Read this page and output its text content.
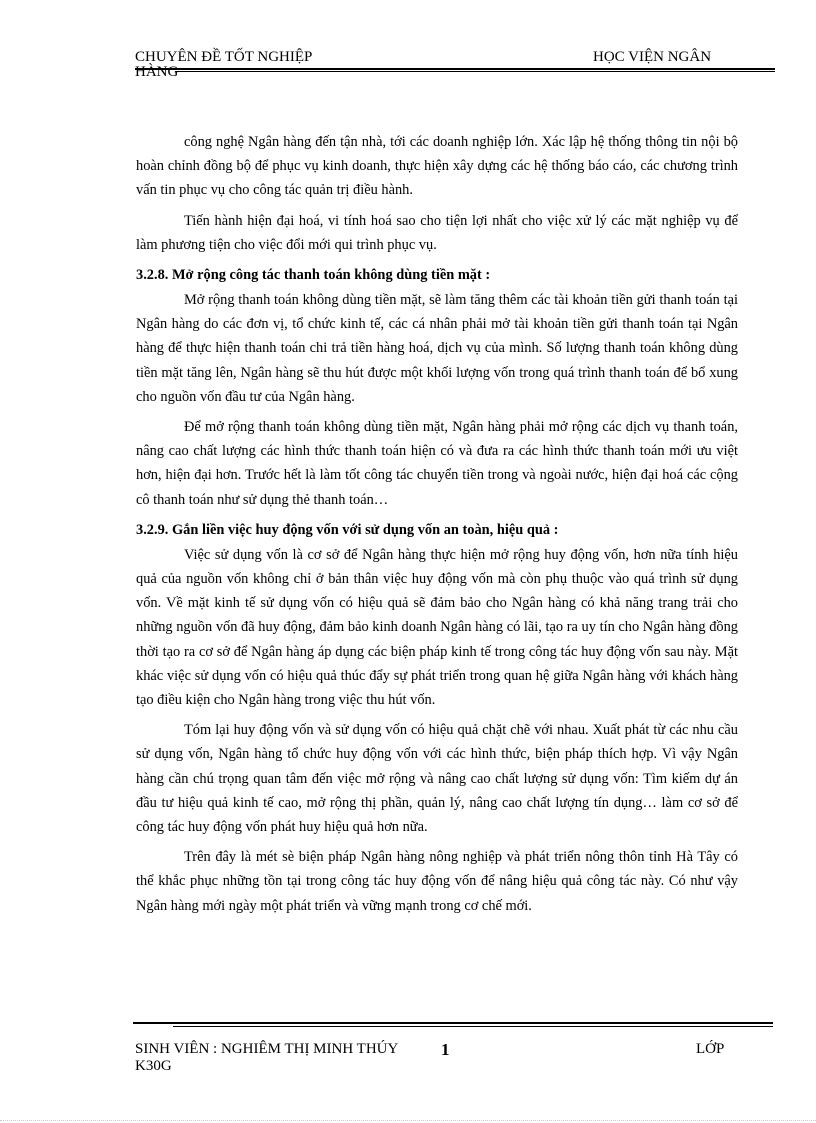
CHUYÊN ĐỀ TỐT NGHIỆP HÀNG
HỌC VIỆN NGÂN

công nghệ Ngân hàng đến tận nhà, tới các doanh nghiệp lớn. Xác lập hệ thống thông tin nội bộ hoàn chỉnh đồng bộ để phục vụ kinh doanh, thực hiện xây dựng các hệ thống báo cáo, các chương trình vấn tin phục vụ cho công tác quản trị điều hành.

Tiến hành hiện đại hoá, vi tính hoá sao cho tiện lợi nhất cho việc xử lý các mặt nghiệp vụ để làm phương tiện cho việc đổi mới qui trình phục vụ.

3.2.8. Mở rộng công tác thanh toán không dùng tiền mặt :

Mở rộng thanh toán không dùng tiền mặt, sẽ làm tăng thêm các tài khoản tiền gửi thanh toán tại Ngân hàng do các đơn vị, tổ chức kinh tế, các cá nhân phải mở tài khoản tiền gửi thanh toán tại Ngân hàng để thực hiện thanh toán chi trả tiền hàng hoá, dịch vụ của mình. Số lượng thanh toán không dùng tiền mặt tăng lên, Ngân hàng sẽ thu hút được một khối lượng vốn trong quá trình thanh toán để bổ xung cho nguồn vốn đầu tư của Ngân hàng.

Để mở rộng thanh toán không dùng tiền mặt, Ngân hàng phải mở rộng các dịch vụ thanh toán, nâng cao chất lượng các hình thức thanh toán hiện có và đưa ra các hình thức thanh toán mới ưu việt hơn, hiện đại hơn. Trước hết là làm tốt công tác chuyển tiền trong và ngoài nước, hiện đại hoá các cộng cô thanh toán như sử dụng thẻ thanh toán…

3.2.9. Gắn liền việc huy động vốn với sử dụng vốn an toàn, hiệu quả :

Việc sử dụng vốn là cơ sở để Ngân hàng thực hiện mở rộng huy động vốn, hơn nữa tính hiệu quả của nguồn vốn không chỉ ở bản thân việc huy động vốn mà còn phụ thuộc vào quá trình sử dụng vốn. Về mặt kinh tế sử dụng vốn có hiệu quả sẽ đảm bảo cho Ngân hàng có khả năng trang trải cho những nguồn vốn đã huy động, đảm bảo kinh doanh Ngân hàng có lãi, tạo ra uy tín cho Ngân hàng đồng thời tạo ra cơ sở để Ngân hàng áp dụng các biện pháp kinh tế trong công tác huy động vốn sau này. Mặt khác việc sử dụng vốn có hiệu quả thúc đẩy sự phát triển trong quan hệ giữa Ngân hàng với khách hàng tạo điều kiện cho Ngân hàng trong việc thu hút vốn.

Tóm lại huy động vốn và sử dụng vốn có hiệu quả chặt chẽ với nhau. Xuất phát từ các nhu cầu sử dụng vốn, Ngân hàng tổ chức huy động vốn với các hình thức, biện pháp thích hợp. Vì vậy Ngân hàng cần chú trọng quan tâm đến việc mở rộng và nâng cao chất lượng sử dụng vốn: Tìm kiếm dự án đầu tư hiệu quả kinh tế cao, mở rộng thị phần, quản lý, nâng cao chất lượng tín dụng… làm cơ sở để công tác huy động vốn phát huy hiệu quả hơn nữa.

Trên đây là mét sè biện pháp Ngân hàng nông nghiệp và phát triển nông thôn tỉnh Hà Tây có thể khắc phục những tồn tại trong công tác huy động vốn để nâng hiệu quả công tác này. Có như vậy Ngân hàng mới ngày một phát triển và vững mạnh trong cơ chế mới.

SINH VIÊN : NGHIÊM THỊ MINH THÚY K30G
1	LỚP
